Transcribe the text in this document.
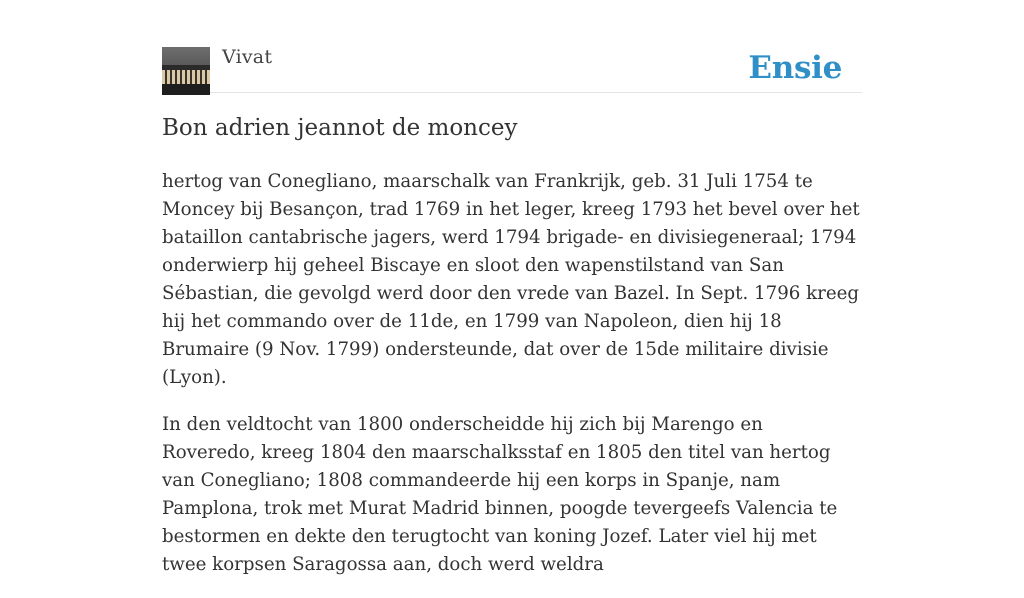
Vivat	Ensie
Bon adrien jeannot de moncey

hertog van Conegliano, maarschalk van Frankrijk, geb. 31 Juli 1754 te Moncey bij Besançon, trad 1769 in het leger, kreeg 1793 het bevel over het bataillon cantabrische jagers, werd 1794 brigade- en divisiegeneraal; 1794 onderwierp hij geheel Biscaye en sloot den wapenstilstand van San Sébastian, die gevolgd werd door den vrede van Bazel. In Sept. 1796 kreeg hij het commando over de 11de, en 1799 van Napoleon, dien hij 18 Brumaire (9 Nov. 1799) ondersteunde, dat over de 15de militaire divisie (Lyon).

In den veldtocht van 1800 onderscheidde hij zich bij Marengo en Roveredo, kreeg 1804 den maarschalksstaf en 1805 den titel van hertog van Conegliano; 1808 commandeerde hij een korps in Spanje, nam Pamplona, trok met Murat Madrid binnen, poogde tevergeefs Valencia te bestormen en dekte den terugtocht van koning Jozef. Later viel hij met twee korpsen Saragossa aan, doch werd weldra
